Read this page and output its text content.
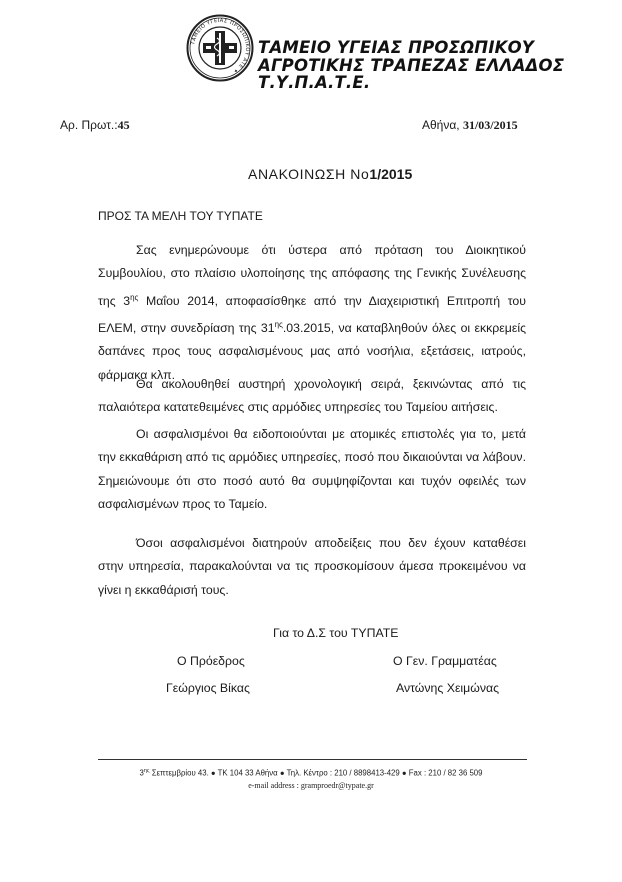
ΤΑΜΕΙΟ ΥΓΕΙΑΣ ΠΡΟΣΩΠΙΚΟΥ ΑΤΕ ✦
ΤΑΜΕΙΟ ΥΓΕΙΑΣ ΠΡΟΣΩΠΙΚΟΥ
ΑΓΡΟΤΙΚΗΣ ΤΡΑΠΕΖΑΣ ΕΛΛΑΔΟΣ
Τ.Υ.Π.Α.Τ.Ε.
Αρ. Πρωτ.:45	Αθήνα, 31/03/2015
ΑΝΑΚΟΙΝΩΣΗ Νο1/2015
ΠΡΟΣ ΤΑ ΜΕΛΗ ΤΟΥ ΤΥΠΑΤΕ

Σας ενημερώνουμε ότι ύστερα από πρόταση του Διοικητικού Συμβουλίου, στο πλαίσιο υλοποίησης της απόφασης της Γενικής Συνέλευσης της $3^{\eta\varsigma}$ Μαΐου 2014, αποφασίσθηκε από την Διαχειριστική Επιτροπή του ΕΛΕΜ, στην συνεδρίαση της $31^{\eta\varsigma}.03.2015$, να καταβληθούν όλες οι εκκρεμείς δαπάνες προς τους ασφαλισμένους μας από νοσήλια, εξετάσεις, ιατρούς, φάρμακα κλπ.

Θα ακολουθηθεί αυστηρή χρονολογική σειρά, ξεκινώντας από τις παλαιότερα κατατεθειμένες στις αρμόδιες υπηρεσίες του Ταμείου αιτήσεις.

Οι ασφαλισμένοι θα ειδοποιούνται με ατομικές επιστολές για το, μετά την εκκαθάριση από τις αρμόδιες υπηρεσίες, ποσό που δικαιούνται να λάβουν. Σημειώνουμε ότι στο ποσό αυτό θα συμψηφίζονται και τυχόν οφειλές των ασφαλισμένων προς το Ταμείο.

Όσοι ασφαλισμένοι διατηρούν αποδείξεις που δεν έχουν καταθέσει στην υπηρεσία, παρακαλούνται να τις προσκομίσουν άμεσα προκειμένου να γίνει η εκκαθάρισή τους.

Για το Δ.Σ του ΤΥΠΑΤΕ
Ο Πρόεδρος
Γεώργιος Βίκας
Ο Γεν. Γραμματέας
Αντώνης Χειμώνας
$3^{\eta\varsigma}$ Σεπτεμβρίου 43. ● ΤΚ 104 33 Αθήνα ● Τηλ. Κέντρο : 210 / 8898413-429 ● Fax : 210 / 82 36 509
e-mail address : gramproedr@typate.gr
